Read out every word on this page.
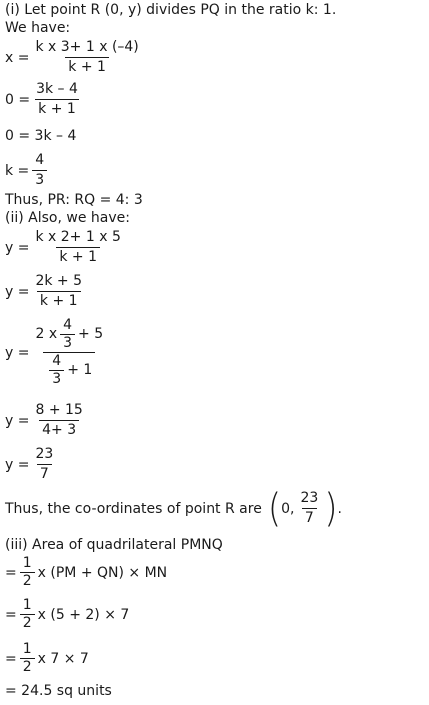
(i) Let point R (0, y) divides PQ in the ratio k: 1.
We have:
$x = \frac{\text{k x 3+ 1 x (–4)}}{k + 1}$
$0 = \frac{3k - 4}{k + 1}$
0 = 3k – 4
$k = \frac{4}{3}$
Thus, PR: RQ = 4: 3
(ii) Also, we have:
$y = \frac{\text{k x 2+ 1 x 5}}{k + 1}$
$y = \frac{2k + 5}{k + 1}$
$y = \frac{2 x \frac{4}{3} + 5}{\frac{4}{3} + 1}$
$y = \frac{8 + 15}{4+ 3}$
$y = \frac{23}{7}$
Thus, the co-ordinates of point R are ( 0, $\frac{23}{7}$ ) .
(iii) Area of quadrilateral PMNQ
= $\frac{1}{2}$ x (PM + QN) × MN
= $\frac{1}{2}$ x (5 + 2) × 7
= $\frac{1}{2}$ x 7 × 7
= 24.5 sq units
